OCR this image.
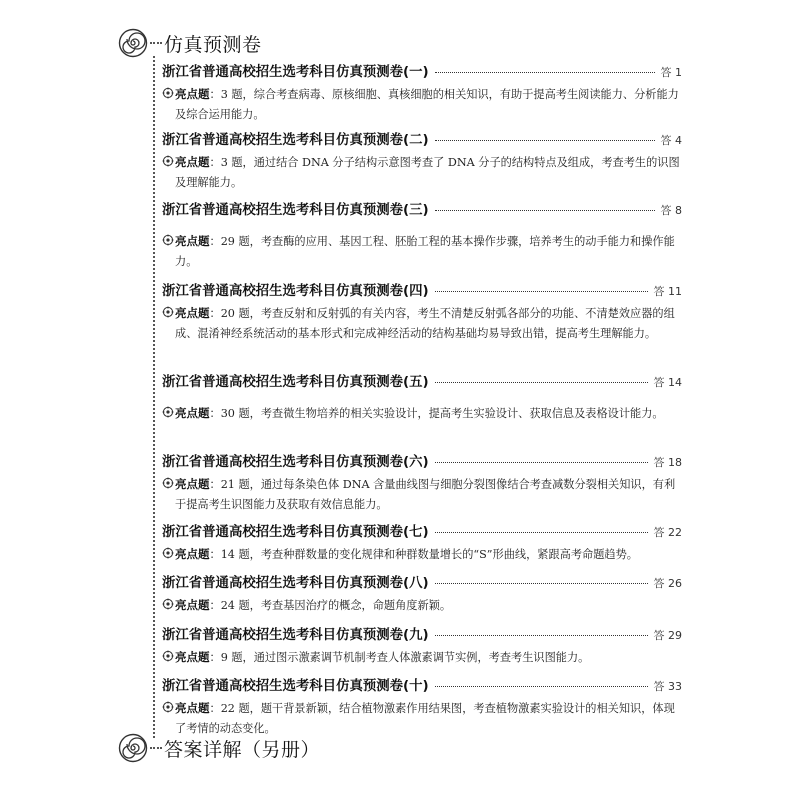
仿真预测卷
浙江省普通高校招生选考科目仿真预测卷(一)	答 1
亮点题：3 题，综合考查病毒、原核细胞、真核细胞的相关知识，有助于提高考生阅读能力、分析能力及综合运用能力。
浙江省普通高校招生选考科目仿真预测卷(二)	答 4
亮点题：3 题，通过结合 DNA 分子结构示意图考查了 DNA 分子的结构特点及组成，考查考生的识图及理解能力。
浙江省普通高校招生选考科目仿真预测卷(三)	答 8
亮点题：29 题，考查酶的应用、基因工程、胚胎工程的基本操作步骤，培养考生的动手能力和操作能力。
浙江省普通高校招生选考科目仿真预测卷(四)	答 11
亮点题：20 题，考查反射和反射弧的有关内容，考生不清楚反射弧各部分的功能、不清楚效应器的组成、混淆神经系统活动的基本形式和完成神经活动的结构基础均易导致出错，提高考生理解能力。
浙江省普通高校招生选考科目仿真预测卷(五)	答 14
亮点题：30 题，考查微生物培养的相关实验设计，提高考生实验设计、获取信息及表格设计能力。
浙江省普通高校招生选考科目仿真预测卷(六)	答 18
亮点题：21 题，通过每条染色体 DNA 含量曲线图与细胞分裂图像结合考查减数分裂相关知识，有利于提高考生识图能力及获取有效信息能力。
浙江省普通高校招生选考科目仿真预测卷(七)	答 22
亮点题：14 题，考查种群数量的变化规律和种群数量增长的“S”形曲线，紧跟高考命题趋势。
浙江省普通高校招生选考科目仿真预测卷(八)	答 26
亮点题：24 题，考查基因治疗的概念，命题角度新颖。
浙江省普通高校招生选考科目仿真预测卷(九)	答 29
亮点题：9 题，通过图示激素调节机制考查人体激素调节实例，考查考生识图能力。
浙江省普通高校招生选考科目仿真预测卷(十)	答 33
亮点题：22 题，题干背景新颖，结合植物激素作用结果图，考查植物激素实验设计的相关知识，体现了考情的动态变化。
答案详解（另册）
